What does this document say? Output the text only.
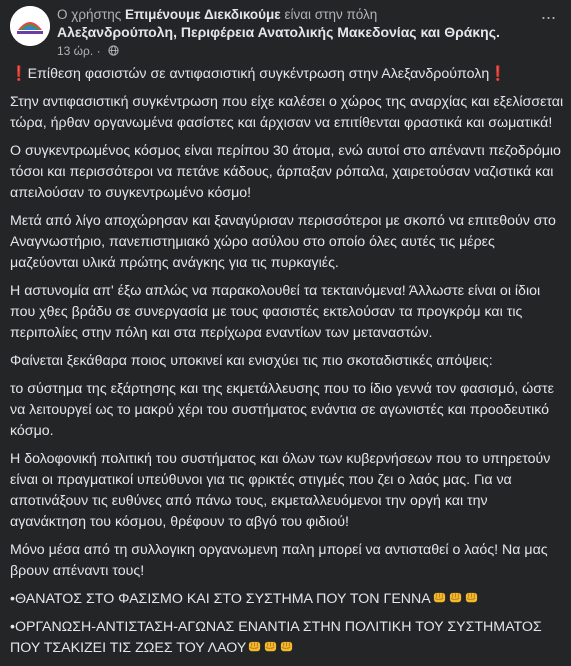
Ο χρήστης Επιμένουμε Διεκδικούμε είναι στην πόλη
Αλεξανδρούπολη, Περιφέρεια Ανατολικής Μακεδονίας και Θράκης.
13 ώρ. ·
···

❗Επίθεση φασιστών σε αντιφασιστική συγκέντρωση στην Αλεξανδρούπολη❗

Στην αντιφασιστική συγκέντρωση που είχε καλέσει ο χώρος της αναρχίας και εξελίσσεται τώρα, ήρθαν οργανωμένα φασίστες και άρχισαν να επιτίθενται φραστικά και σωματικά!

Ο συγκεντρωμένος κόσμος είναι περίπου 30 άτομα, ενώ αυτοί στο απέναντι πεζοδρόμιο τόσοι και περισσότεροι να πετάνε κάδους, άρπαξαν ρόπαλα, χαιρετούσαν ναζιστικά και απειλούσαν το συγκεντρωμένο κόσμο!

Μετά από λίγο αποχώρησαν και ξαναγύρισαν περισσότεροι με σκοπό να επιτεθούν στο Αναγνωστήριο, πανεπιστημιακό χώρο ασύλου στο οποίο όλες αυτές τις μέρες μαζεύονται υλικά πρώτης ανάγκης για τις πυρκαγιές.

Η αστυνομία απ' έξω απλώς να παρακολουθεί τα τεκταινόμενα! Άλλωστε είναι οι ίδιοι που χθες βράδυ σε συνεργασία με τους φασιστές εκτελούσαν τα προγκρόμ και τις περιπολίες στην πόλη και στα περίχωρα εναντίων των μεταναστών.

Φαίνεται ξεκάθαρα ποιος υποκινεί και ενισχύει τις πιο σκοταδιστικές απόψεις:

το σύστημα της εξάρτησης και της εκμετάλλευσης που το ίδιο γεννά τον φασισμό, ώστε να λειτουργεί ως το μακρύ χέρι του συστήματος ενάντια σε αγωνιστές και προοδευτικό κόσμο.

Η δολοφονική πολιτική του συστήματος και όλων των κυβερνήσεων που το υπηρετούν είναι οι πραγματικοί υπεύθυνοι για τις φρικτές στιγμές που ζει ο λαός μας. Για να αποτινάξουν τις ευθύνες από πάνω τους, εκμεταλλευόμενοι την οργή και την αγανάκτηση του κόσμου, θρέφουν το αβγό του φιδιού!

Μόνο μέσα από τη συλλογικη οργανωμενη παλη μπορεί να αντισταθεί ο λαός! Να μας βρουν απέναντι τους!

•ΘΑΝΑΤΟΣ ΣΤΟ ΦΑΣΙΣΜΟ ΚΑΙ ΣΤΟ ΣΥΣΤΗΜΑ ΠΟΥ ΤΟΝ ΓΕΝΝΑ

•ΟΡΓΑΝΩΣΗ-ΑΝΤΙΣΤΑΣΗ-ΑΓΩΝΑΣ ΕΝΑΝΤΙΑ ΣΤΗΝ ΠΟΛΙΤΙΚΗ ΤΟΥ ΣΥΣΤΗΜΑΤΟΣ ΠΟΥ ΤΣΑΚΙΖΕΙ ΤΙΣ ΖΩΕΣ ΤΟΥ ΛΑΟΥ
